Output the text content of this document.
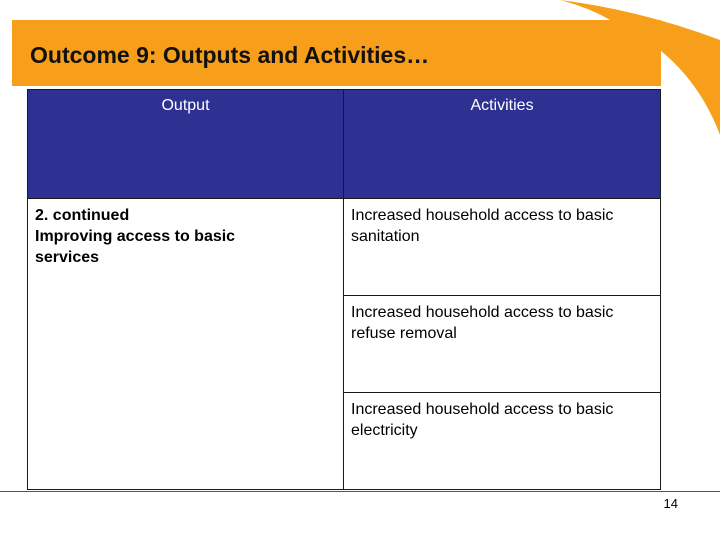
Outcome 9: Outputs and Activities…
Output	Activities

2. continued
Improving access to basic
services	Increased household access to basic sanitation
	Increased household access to basic refuse removal
	Increased household access to basic electricity
14
